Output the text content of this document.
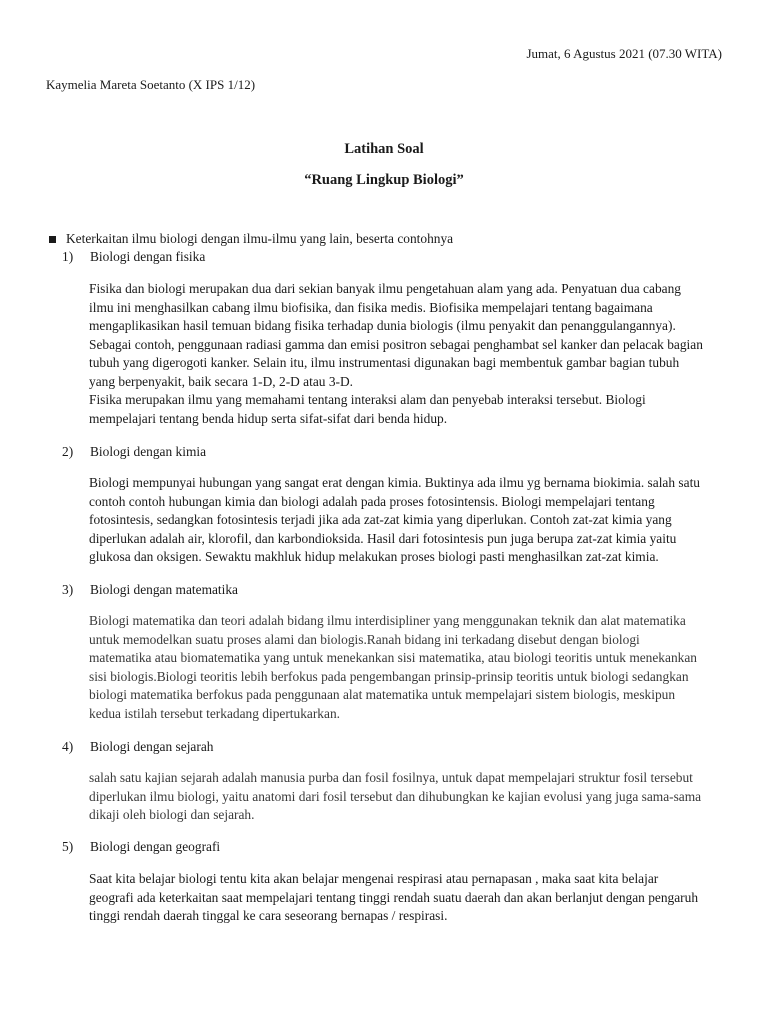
Jumat, 6 Agustus 2021 (07.30 WITA)
Kaymelia Mareta Soetanto (X IPS 1/12)
Latihan Soal
“Ruang Lingkup Biologi”
Keterkaitan ilmu biologi dengan ilmu-ilmu yang lain, beserta contohnya
1)	Biologi dengan fisika
Fisika dan biologi merupakan dua dari sekian banyak ilmu pengetahuan alam yang ada. Penyatuan dua cabang
ilmu ini menghasilkan cabang ilmu biofisika, dan fisika medis. Biofisika mempelajari tentang bagaimana
mengaplikasikan hasil temuan bidang fisika terhadap dunia biologis (ilmu penyakit dan penanggulangannya).
Sebagai contoh, penggunaan radiasi gamma dan emisi positron sebagai penghambat sel kanker dan pelacak bagian
tubuh yang digerogoti kanker. Selain itu, ilmu instrumentasi digunakan bagi membentuk gambar bagian tubuh
yang berpenyakit, baik secara 1-D, 2-D atau 3-D.
Fisika merupakan ilmu yang memahami tentang interaksi alam dan penyebab interaksi tersebut. Biologi
mempelajari tentang benda hidup serta sifat-sifat dari benda hidup.
2)	Biologi dengan kimia
Biologi mempunyai hubungan yang sangat erat dengan kimia. Buktinya ada ilmu yg bernama biokimia. salah satu
contoh contoh hubungan kimia dan biologi adalah pada proses fotosintensis. Biologi mempelajari tentang
fotosintesis, sedangkan fotosintesis terjadi jika ada zat-zat kimia yang diperlukan. Contoh zat-zat kimia yang
diperlukan adalah air, klorofil, dan karbondioksida. Hasil dari fotosintesis pun juga berupa zat-zat kimia yaitu
glukosa dan oksigen. Sewaktu makhluk hidup melakukan proses biologi pasti menghasilkan zat-zat kimia.
3)	Biologi dengan matematika
Biologi matematika dan teori adalah bidang ilmu interdisipliner yang menggunakan teknik dan alat matematika
untuk memodelkan suatu proses alami dan biologis.Ranah bidang ini terkadang disebut dengan biologi
matematika atau biomatematika yang untuk menekankan sisi matematika, atau biologi teoritis untuk menekankan
sisi biologis.Biologi teoritis lebih berfokus pada pengembangan prinsip-prinsip teoritis untuk biologi sedangkan
biologi matematika berfokus pada penggunaan alat matematika untuk mempelajari sistem biologis, meskipun
kedua istilah tersebut terkadang dipertukarkan.
4)	Biologi dengan sejarah
salah satu kajian sejarah adalah manusia purba dan fosil fosilnya, untuk dapat mempelajari struktur fosil tersebut
diperlukan ilmu biologi, yaitu anatomi dari fosil tersebut dan dihubungkan ke kajian evolusi yang juga sama-sama
dikaji oleh biologi dan sejarah.
5)	Biologi dengan geografi
Saat kita belajar biologi tentu kita akan belajar mengenai respirasi atau pernapasan , maka saat kita belajar
geografi ada keterkaitan saat mempelajari tentang tinggi rendah suatu daerah dan akan berlanjut dengan pengaruh
tinggi rendah daerah tinggal ke cara seseorang bernapas / respirasi.
